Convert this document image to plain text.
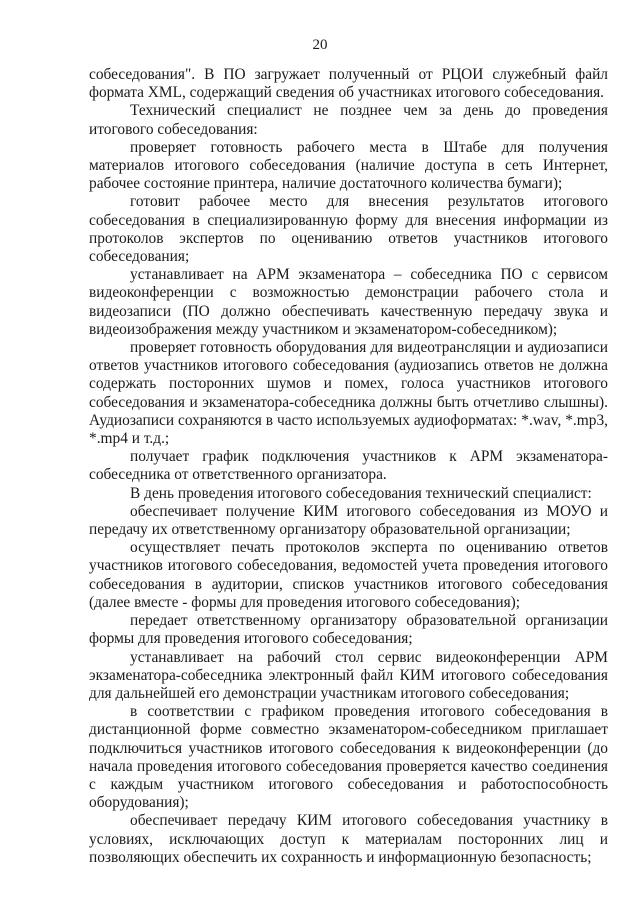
20

собеседования". В ПО загружает полученный от РЦОИ служебный файл формата XML, содержащий сведения об участниках итогового собеседования.

Технический специалист не позднее чем за день до проведения итогового собеседования:

проверяет готовность рабочего места в Штабе для получения материалов итогового собеседования (наличие доступа в сеть Интернет, рабочее состояние принтера, наличие достаточного количества бумаги);

готовит рабочее место для внесения результатов итогового собеседования в специализированную форму для внесения информации из протоколов экспертов по оцениванию ответов участников итогового собеседования;

устанавливает на АРМ экзаменатора – собеседника ПО с сервисом видеоконференции с возможностью демонстрации рабочего стола и видеозаписи (ПО должно обеспечивать качественную передачу звука и видеоизображения между участником и экзаменатором-собеседником);

проверяет готовность оборудования для видеотрансляции и аудиозаписи ответов участников итогового собеседования (аудиозапись ответов не должна содержать посторонних шумов и помех, голоса участников итогового собеседования и экзаменатора-собеседника должны быть отчетливо слышны). Аудиозаписи сохраняются в часто используемых аудиоформатах: *.wav, *.mp3, *.mp4 и т.д.;

получает график подключения участников к АРМ экзаменатора-собеседника от ответственного организатора.

В день проведения итогового собеседования технический специалист:

обеспечивает получение КИМ итогового собеседования из МОУО и передачу их ответственному организатору образовательной организации;

осуществляет печать протоколов эксперта по оцениванию ответов участников итогового собеседования, ведомостей учета проведения итогового собеседования в аудитории, списков участников итогового собеседования (далее вместе - формы для проведения итогового собеседования);

передает ответственному организатору образовательной организации формы для проведения итогового собеседования;

устанавливает на рабочий стол сервис видеоконференции АРМ экзаменатора-собеседника электронный файл КИМ итогового собеседования для дальнейшей его демонстрации участникам итогового собеседования;

в соответствии с графиком проведения итогового собеседования в дистанционной форме совместно экзаменатором-собеседником приглашает подключиться участников итогового собеседования к видеоконференции (до начала проведения итогового собеседования проверяется качество соединения с каждым участником итогового собеседования и работоспособность оборудования);

обеспечивает передачу КИМ итогового собеседования участнику в условиях, исключающих доступ к материалам посторонних лиц и позволяющих обеспечить их сохранность и информационную безопасность;
